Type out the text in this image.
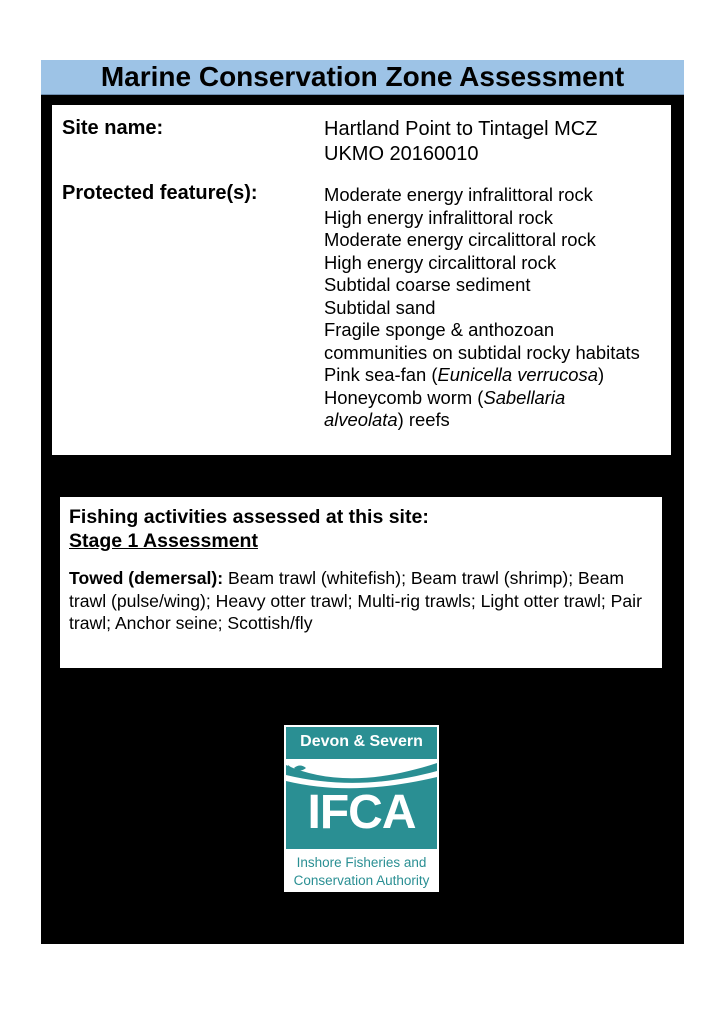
Marine Conservation Zone Assessment
Site name:	Hartland Point to Tintagel MCZ
UKMO 20160010
Protected feature(s):	Moderate energy infralittoral rock
High energy infralittoral rock
Moderate energy circalittoral rock
High energy circalittoral rock
Subtidal coarse sediment
Subtidal sand
Fragile sponge & anthozoan
communities on subtidal rocky habitats
Pink sea-fan (Eunicella verrucosa)
Honeycomb worm (Sabellaria
alveolata) reefs
Fishing activities assessed at this site:
Stage 1 Assessment
Towed (demersal): Beam trawl (whitefish); Beam trawl (shrimp); Beam trawl (pulse/wing); Heavy otter trawl; Multi-rig trawls; Light otter trawl; Pair trawl; Anchor seine; Scottish/fly
Devon & Severn
IFCA
Inshore Fisheries and
Conservation Authority
